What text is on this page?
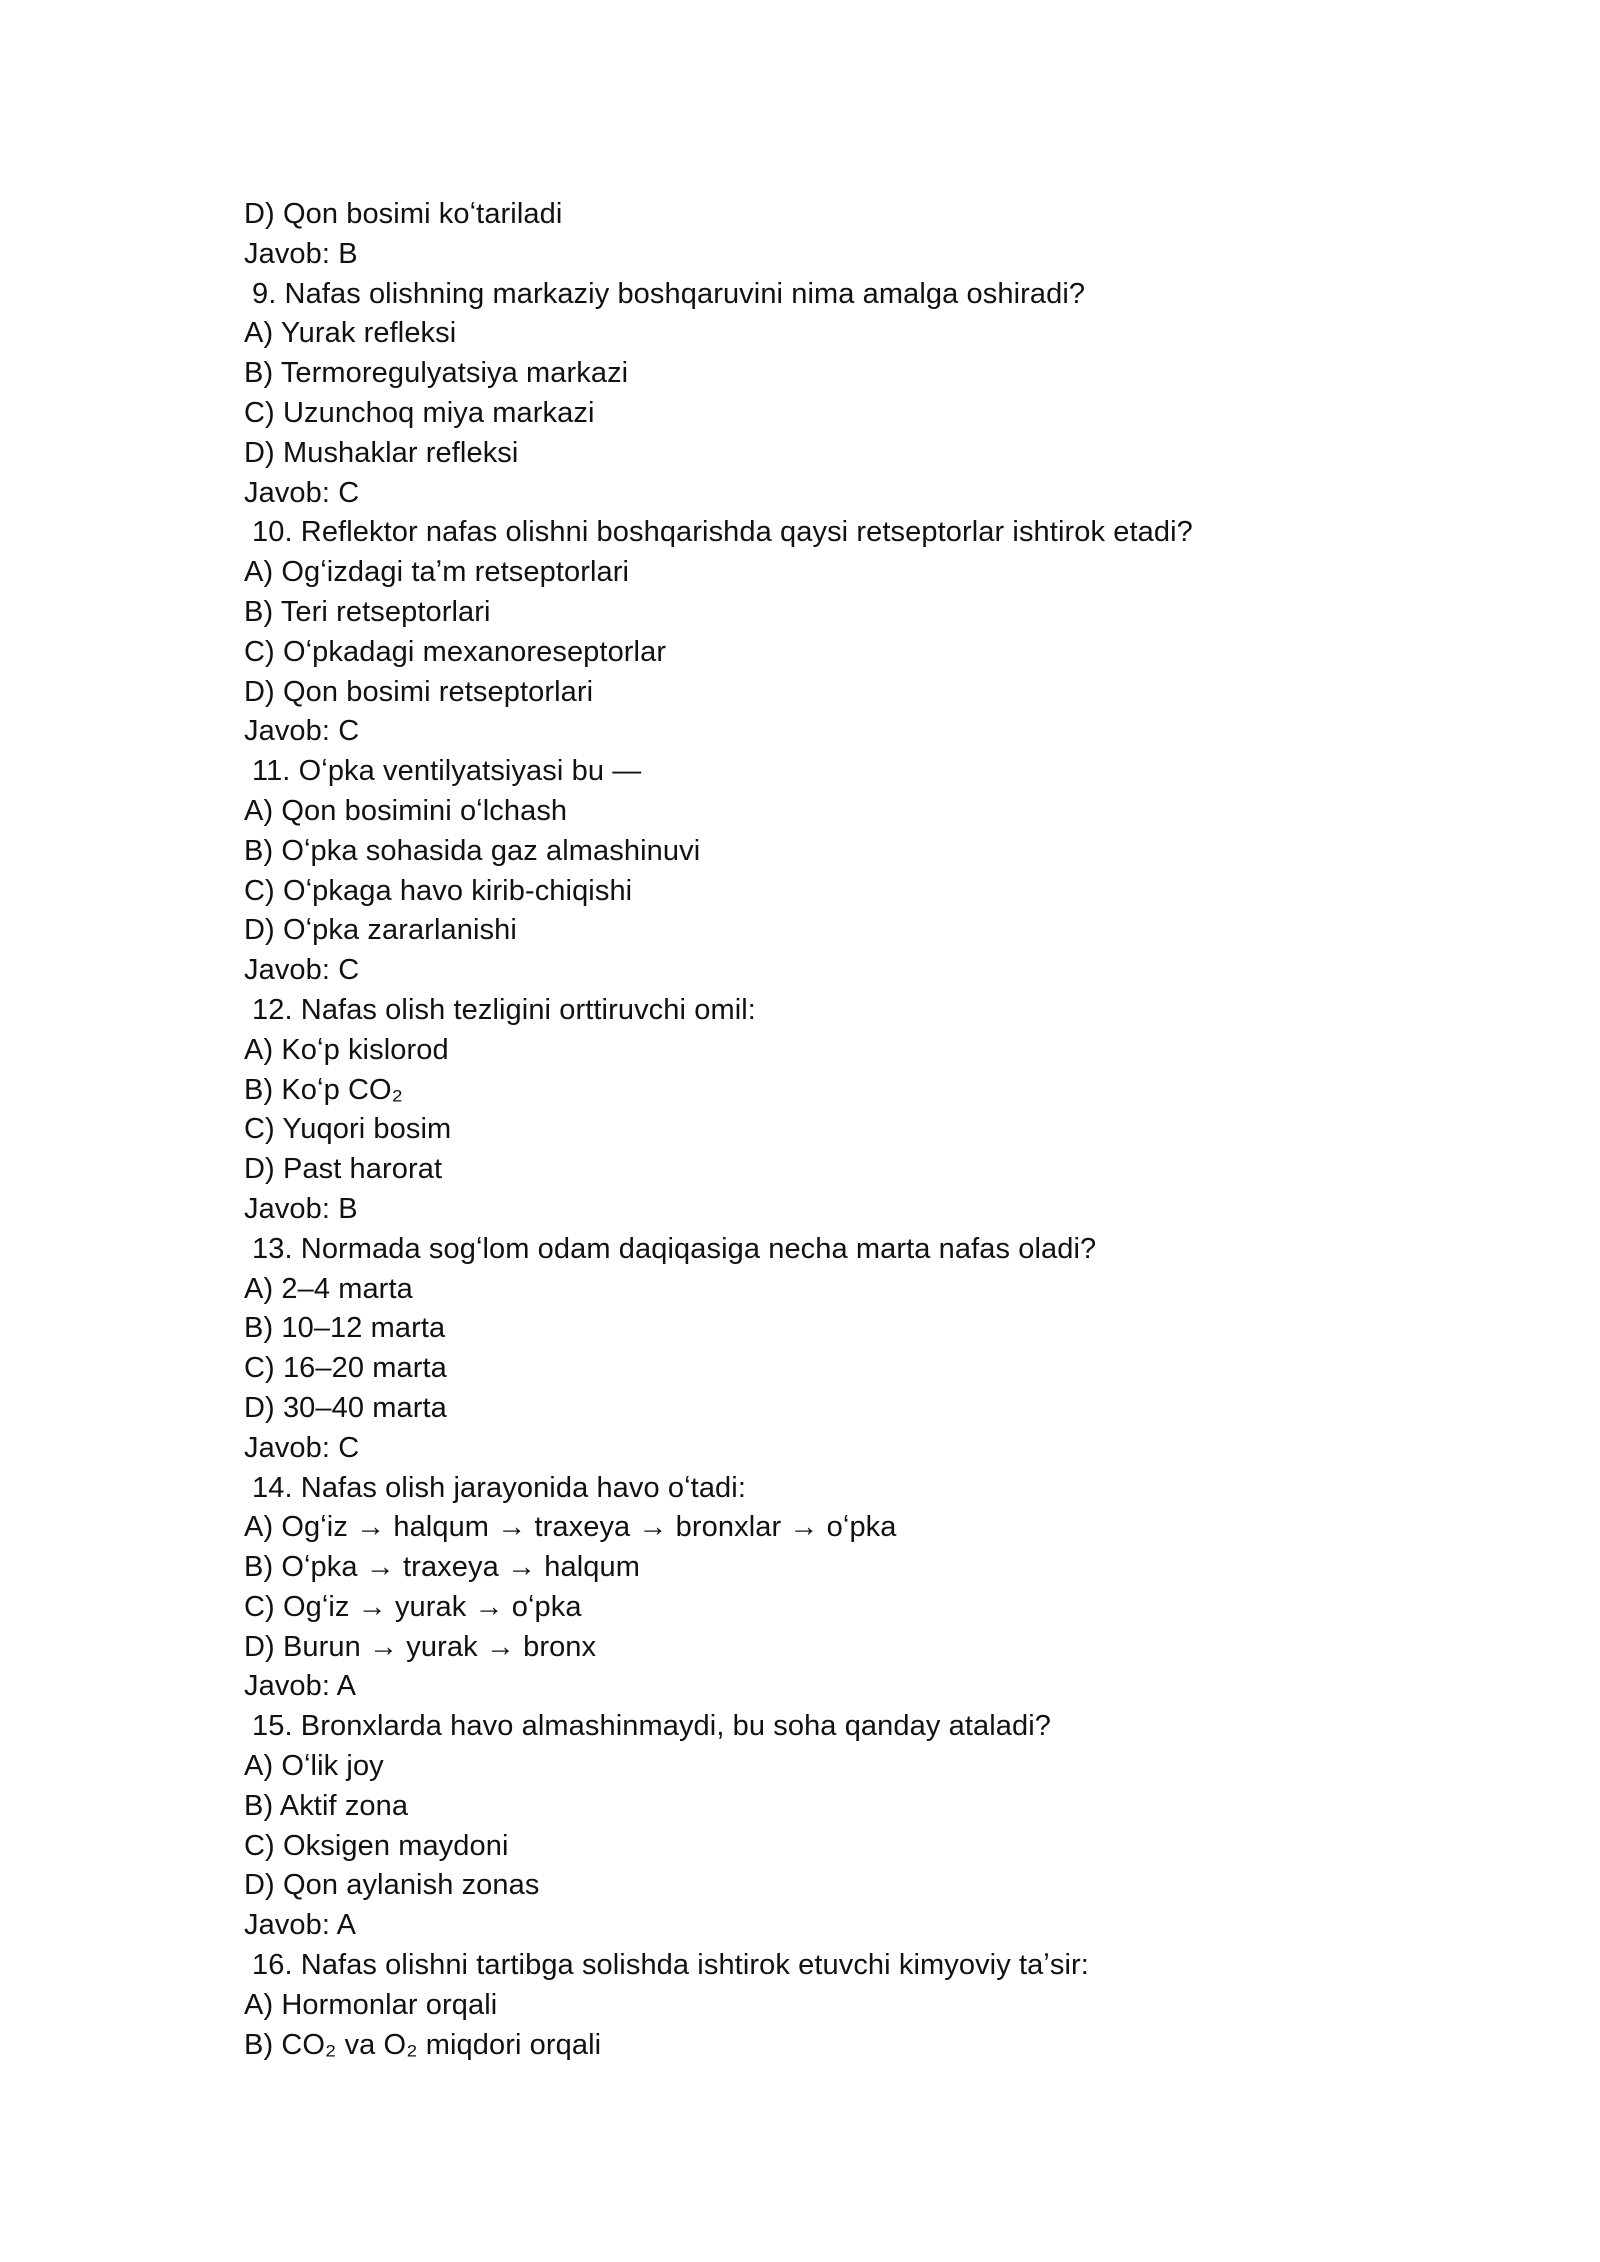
D) Qon bosimi koʻtariladi
Javob: B
9. Nafas olishning markaziy boshqaruvini nima amalga oshiradi?
A) Yurak refleksi
B) Termoregulyatsiya markazi
C) Uzunchoq miya markazi
D) Mushaklar refleksi
Javob: C
10. Reflektor nafas olishni boshqarishda qaysi retseptorlar ishtirok etadi?
A) Ogʻizdagi taʼm retseptorlari
B) Teri retseptorlari
C) Oʻpkadagi mexanoreseptorlar
D) Qon bosimi retseptorlari
Javob: C
11. Oʻpka ventilyatsiyasi bu —
A) Qon bosimini oʻlchash
B) Oʻpka sohasida gaz almashinuvi
C) Oʻpkaga havo kirib-chiqishi
D) Oʻpka zararlanishi
Javob: C
12. Nafas olish tezligini orttiruvchi omil:
A) Koʻp kislorod
B) Koʻp CO₂
C) Yuqori bosim
D) Past harorat
Javob: B
13. Normada sogʻlom odam daqiqasiga necha marta nafas oladi?
A) 2–4 marta
B) 10–12 marta
C) 16–20 marta
D) 30–40 marta
Javob: C
14. Nafas olish jarayonida havo oʻtadi:
A) Ogʻiz → halqum → traxeya → bronxlar → oʻpka
B) Oʻpka → traxeya → halqum
C) Ogʻiz → yurak → oʻpka
D) Burun → yurak → bronx
Javob: A
15. Bronxlarda havo almashinmaydi, bu soha qanday ataladi?
A) Oʻlik joy
B) Aktif zona
C) Oksigen maydoni
D) Qon aylanish zonas
Javob: A
16. Nafas olishni tartibga solishda ishtirok etuvchi kimyoviy taʼsir:
A) Hormonlar orqali
B) CO₂ va O₂ miqdori orqali
